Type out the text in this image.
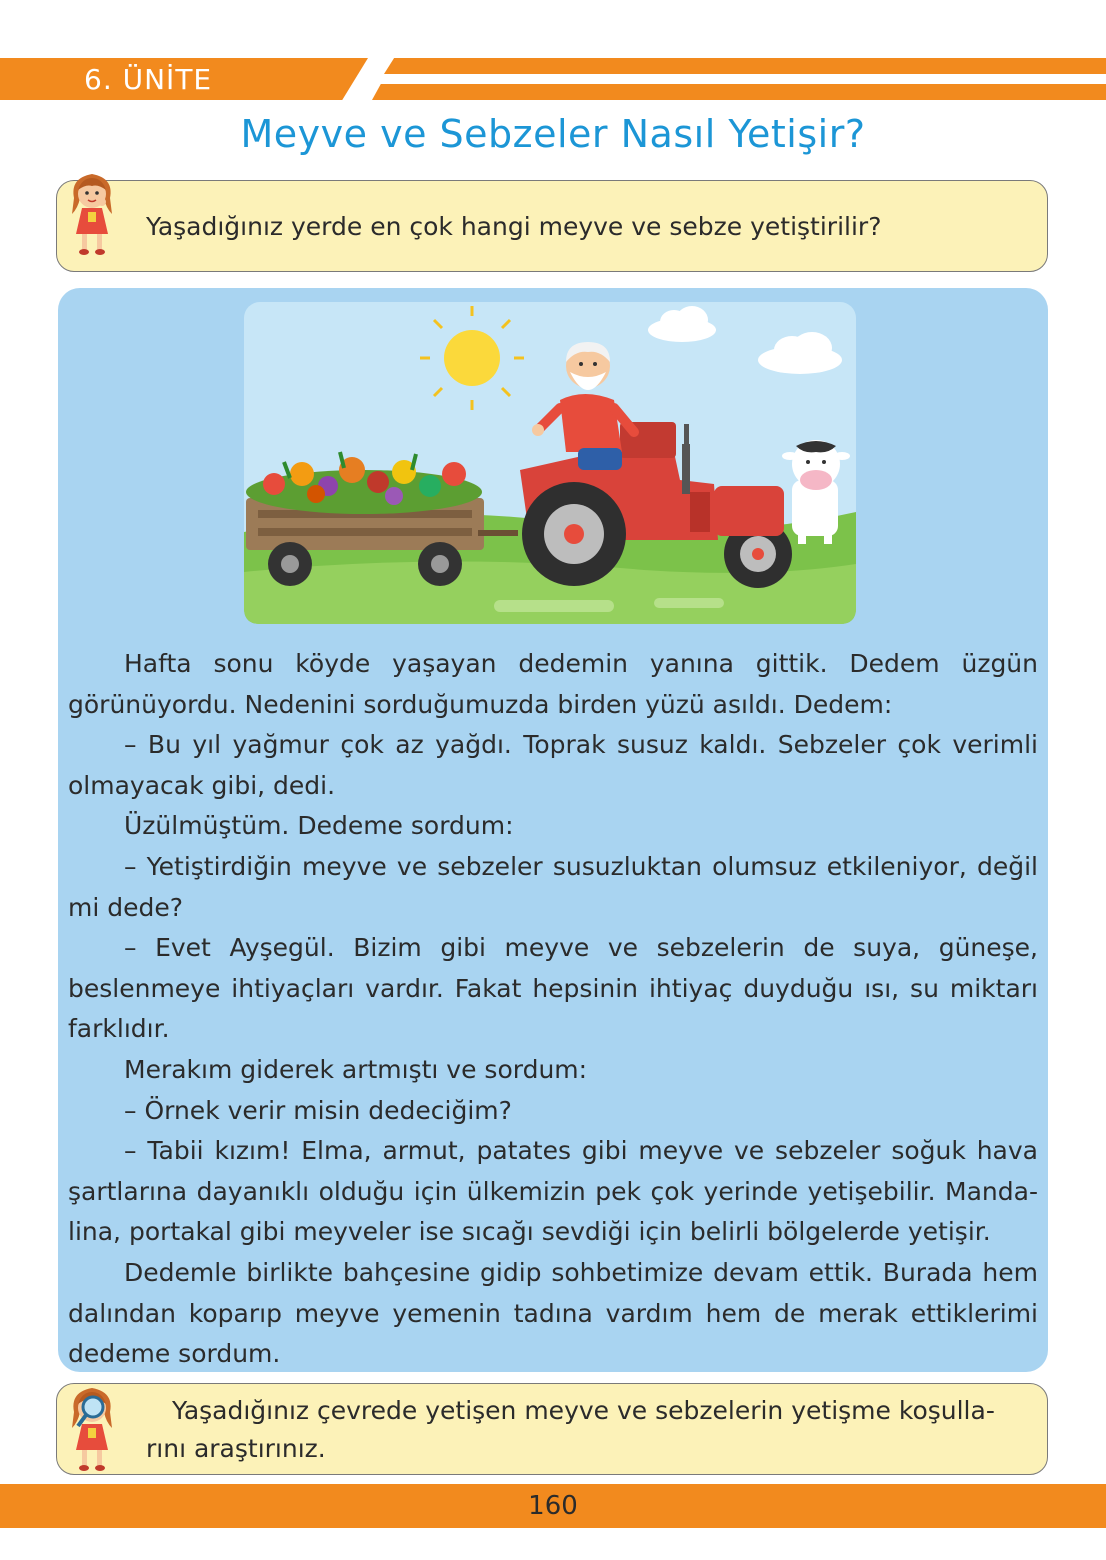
6. ÜNİTE
Meyve ve Sebzeler Nasıl Yetişir?
Yaşadığınız yerde en çok hangi meyve ve sebze yetiştirilir?

Hafta sonu köyde yaşayan dedemin yanına gittik. Dedem üzgün görünüyordu. Nedenini sorduğumuzda birden yüzü asıldı. Dedem:

– Bu yıl yağmur çok az yağdı. Toprak susuz kaldı. Sebzeler çok verimli olmayacak gibi, dedi.

Üzülmüştüm. Dedeme sordum:

– Yetiştirdiğin meyve ve sebzeler susuzluktan olumsuz etkileniyor, değil mi dede?

– Evet Ayşegül. Bizim gibi meyve ve sebzelerin de suya, güneşe, beslenmeye ihtiyaçları vardır. Fakat hepsinin ihtiyaç duyduğu ısı, su miktarı farklıdır.

Merakım giderek artmıştı ve sordum:

– Örnek verir misin dedeciğim?

– Tabii kızım! Elma, armut, patates gibi meyve ve sebzeler soğuk hava şartlarına dayanıklı olduğu için ülkemizin pek çok yerinde yetişebilir. Manda-

lina, portakal gibi meyveler ise sıcağı sevdiği için belirli bölgelerde yetişir.

Dedemle birlikte bahçesine gidip sohbetimize devam ettik. Burada hem dalından koparıp meyve yemenin tadına vardım hem de merak ettiklerimi dedeme sordum.

Yaşadığınız çevrede yetişen meyve ve sebzelerin yetişme koşulla-
rını araştırınız.
160
